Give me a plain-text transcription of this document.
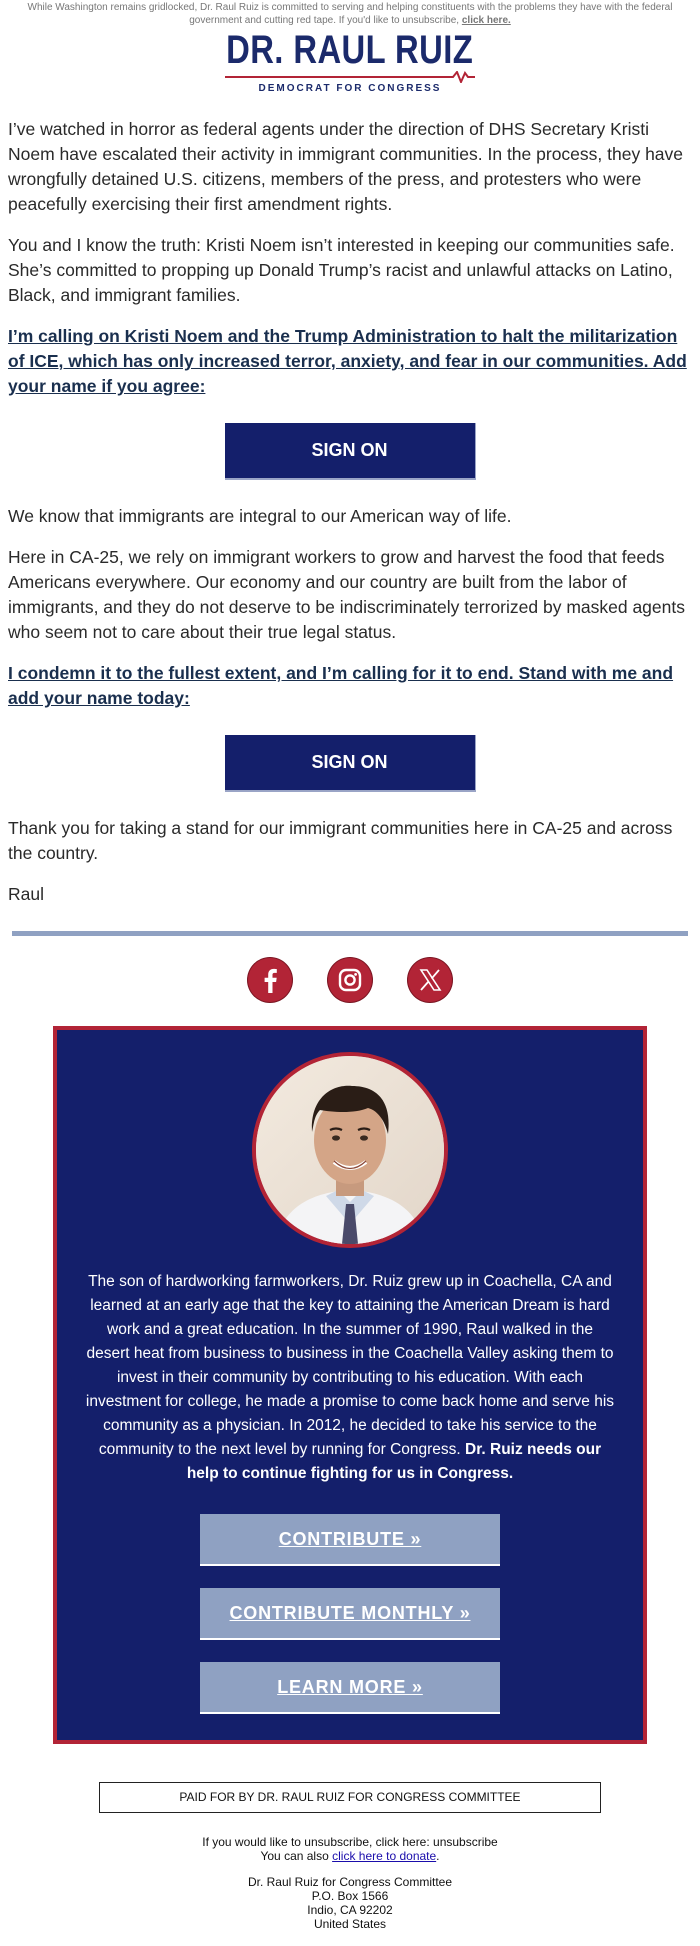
While Washington remains gridlocked, Dr. Raul Ruiz is committed to serving and helping constituents with the problems they have with the federal government and cutting red tape. If you'd like to unsubscribe, click here.
DR. RAUL RUIZ
DEMOCRAT FOR CONGRESS

I’ve watched in horror as federal agents under the direction of DHS Secretary Kristi Noem have escalated their activity in immigrant communities. In the process, they have wrongfully detained U.S. citizens, members of the press, and protesters who were peacefully exercising their first amendment rights.

You and I know the truth: Kristi Noem isn’t interested in keeping our communities safe. She’s committed to propping up Donald Trump’s racist and unlawful attacks on Latino, Black, and immigrant families.

I’m calling on Kristi Noem and the Trump Administration to halt the militarization of ICE, which has only increased terror, anxiety, and fear in our communities. Add your name if you agree:
SIGN ON

We know that immigrants are integral to our American way of life.

Here in CA-25, we rely on immigrant workers to grow and harvest the food that feeds Americans everywhere. Our economy and our country are built from the labor of immigrants, and they do not deserve to be indiscriminately terrorized by masked agents who seem not to care about their true legal status.

I condemn it to the fullest extent, and I’m calling for it to end. Stand with me and add your name today:
SIGN ON

Thank you for taking a stand for our immigrant communities here in CA-25 and across the country.

Raul

The son of hardworking farmworkers, Dr. Ruiz grew up in Coachella, CA and learned at an early age that the key to attaining the American Dream is hard work and a great education. In the summer of 1990, Raul walked in the desert heat from business to business in the Coachella Valley asking them to invest in their community by contributing to his education. With each investment for college, he made a promise to come back home and serve his community as a physician. In 2012, he decided to take his service to the community to the next level by running for Congress. Dr. Ruiz needs our help to continue fighting for us in Congress.
CONTRIBUTE »
CONTRIBUTE MONTHLY »
LEARN MORE »
PAID FOR BY DR. RAUL RUIZ FOR CONGRESS COMMITTEE
If you would like to unsubscribe, click here: unsubscribe
You can also click here to donate.
Dr. Raul Ruiz for Congress Committee
P.O. Box 1566
Indio, CA 92202
United States
